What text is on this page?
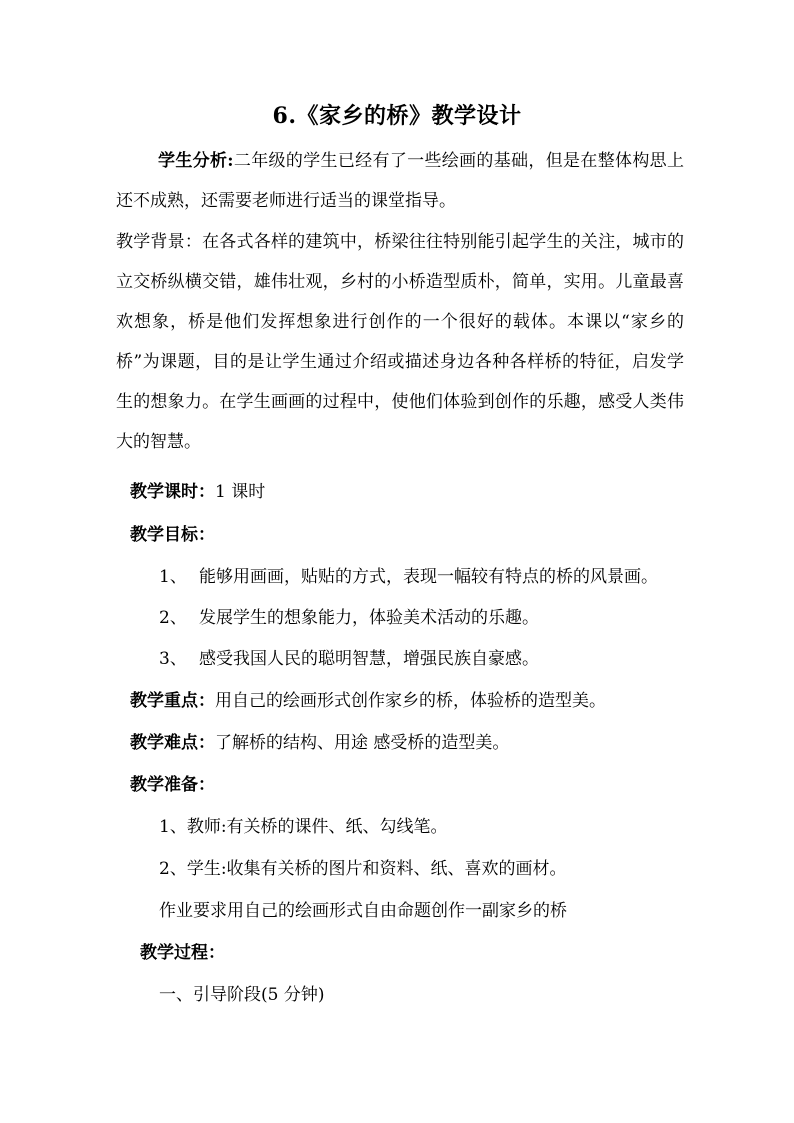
6.《家乡的桥》教学设计
学生分析:二年级的学生已经有了一些绘画的基础，但是在整体构思上还不成熟，还需要老师进行适当的课堂指导。
教学背景：在各式各样的建筑中，桥梁往往特别能引起学生的关注，城市的立交桥纵横交错，雄伟壮观，乡村的小桥造型质朴，简单，实用。儿童最喜欢想象，桥是他们发挥想象进行创作的一个很好的载体。本课以“家乡的桥”为课题，目的是让学生通过介绍或描述身边各种各样桥的特征，启发学生的想象力。在学生画画的过程中，使他们体验到创作的乐趣，感受人类伟大的智慧。
教学课时：1 课时
教学目标：
1、 能够用画画，贴贴的方式，表现一幅较有特点的桥的风景画。
2、 发展学生的想象能力，体验美术活动的乐趣。
3、 感受我国人民的聪明智慧，增强民族自豪感。
教学重点：用自己的绘画形式创作家乡的桥，体验桥的造型美。
教学难点：了解桥的结构、用途 感受桥的造型美。
教学准备：
1、教师:有关桥的课件、纸、勾线笔。
2、学生:收集有关桥的图片和资料、纸、喜欢的画材。
作业要求用自己的绘画形式自由命题创作一副家乡的桥
教学过程：
一、引导阶段(5 分钟)
